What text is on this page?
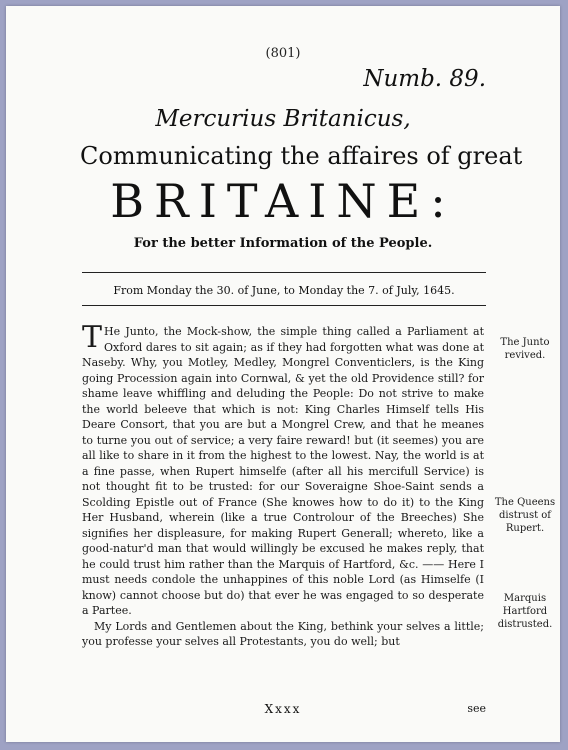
(801)
Numb. 89.
Mercurius Britanicus,
Communicating the affaires of great
BRITAINE:
For the better Information of the People.
From Monday the 30. of June, to Monday the 7. of July, 1645.

T He Junto, the Mock-show, the simple thing called a Parliament at Oxford dares to sit again; as if they had forgotten what was done at Naseby. Why, you Motley, Medley, Mongrel Conventiclers, is the King going Procession again into Cornwal, & yet the old Providence still? for shame leave whiffling and deluding the People: Do not strive to make the world beleeve that which is not: King Charles Himself tells His Deare Consort, that you are but a Mongrel Crew, and that he meanes to turne you out of service; a very faire reward! but (it seemes) you are all like to share in it from the highest to the lowest. Nay, the world is at a fine passe, when Rupert himselfe (after all his mercifull Service) is not thought fit to be trusted: for our Soveraigne Shoe-Saint sends a Scolding Epistle out of France (She knowes how to do it) to the King Her Husband, wherein (like a true Controlour of the Breeches) She signifies her displeasure, for making Rupert Generall; whereto, like a good-natur'd man that would willingly be excused he makes reply, that he could trust him rather than the Marquis of Hartford, &c. —— Here I must needs condole the unhappines of this noble Lord (as Himselfe (I know) cannot choose but do) that ever he was engaged to so desperate a Partee.

My Lords and Gentlemen about the King, bethink your selves a little; you professe your selves all Protestants, you do well; but

The Junto revived.
The Queens distrust of Rupert.
Marquis Hartford distrusted.
Xxxx	see
